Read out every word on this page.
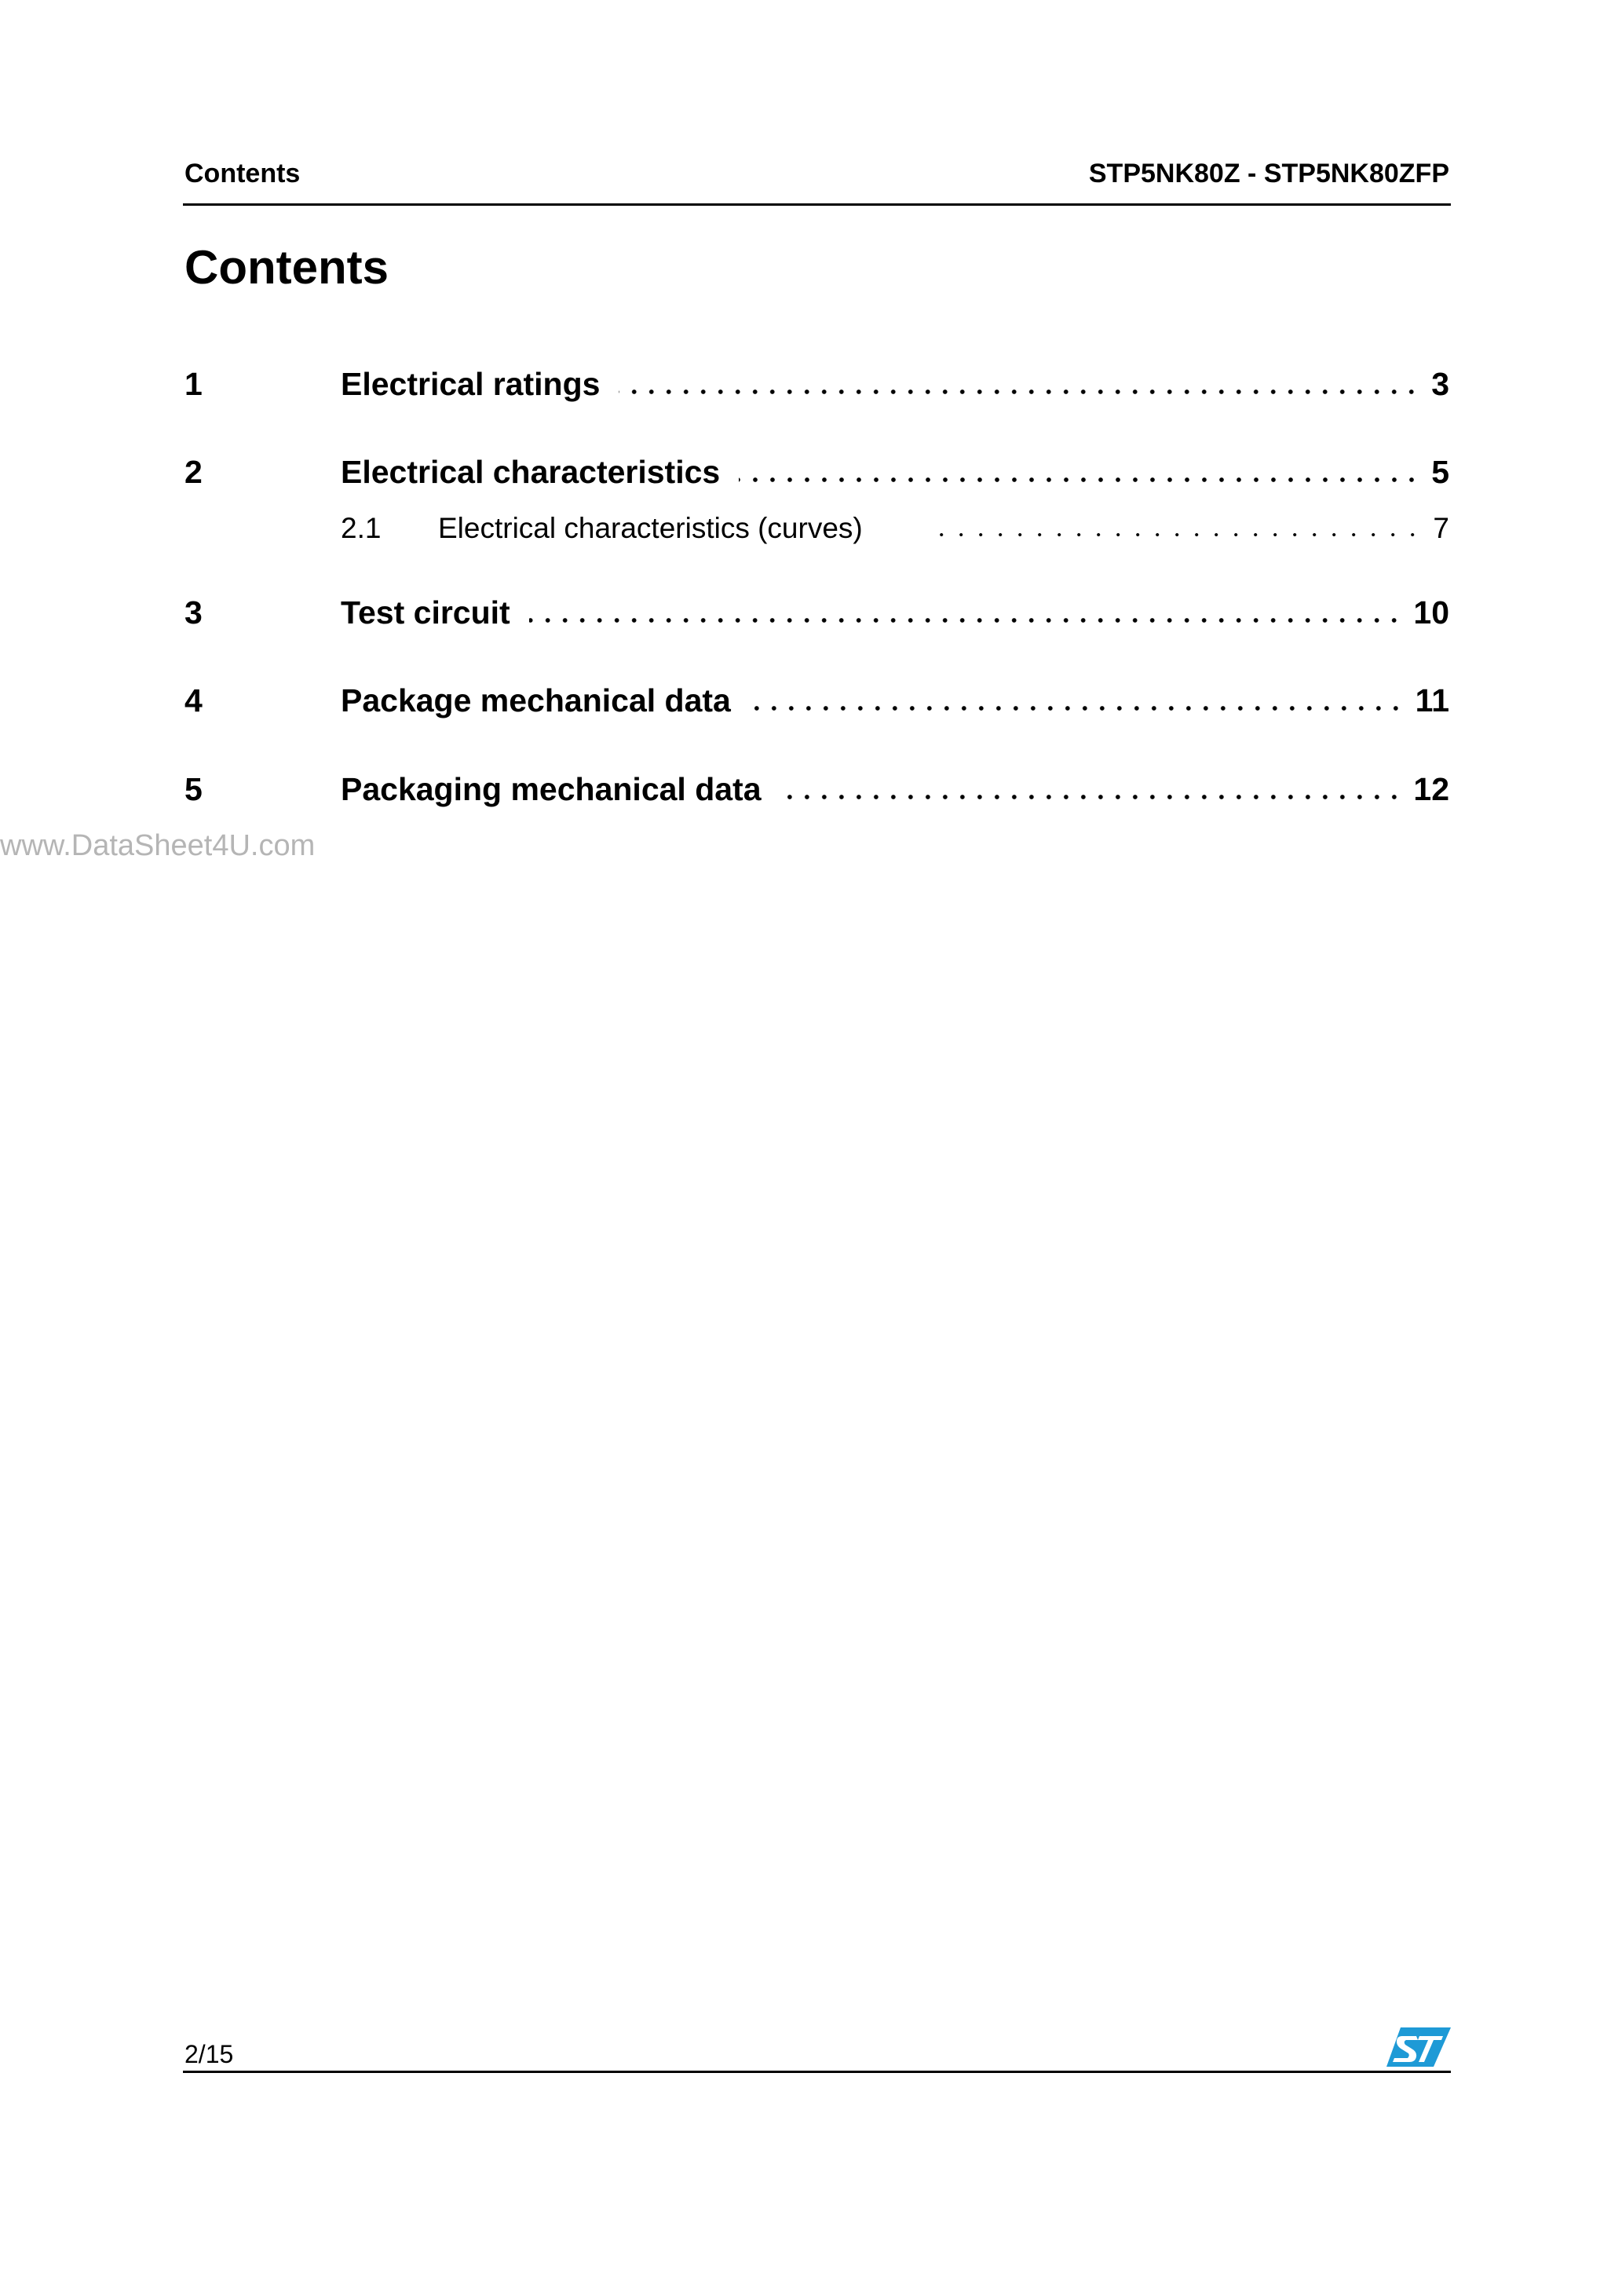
Contents	STP5NK80Z - STP5NK80ZFP
Contents
1	Electrical ratings	3
2	Electrical characteristics	5
2.1	Electrical characteristics (curves)	7
3	Test circuit	10
4	Package mechanical data	11
5	Packaging mechanical data	12
www.DataSheet4U.com
2/15
